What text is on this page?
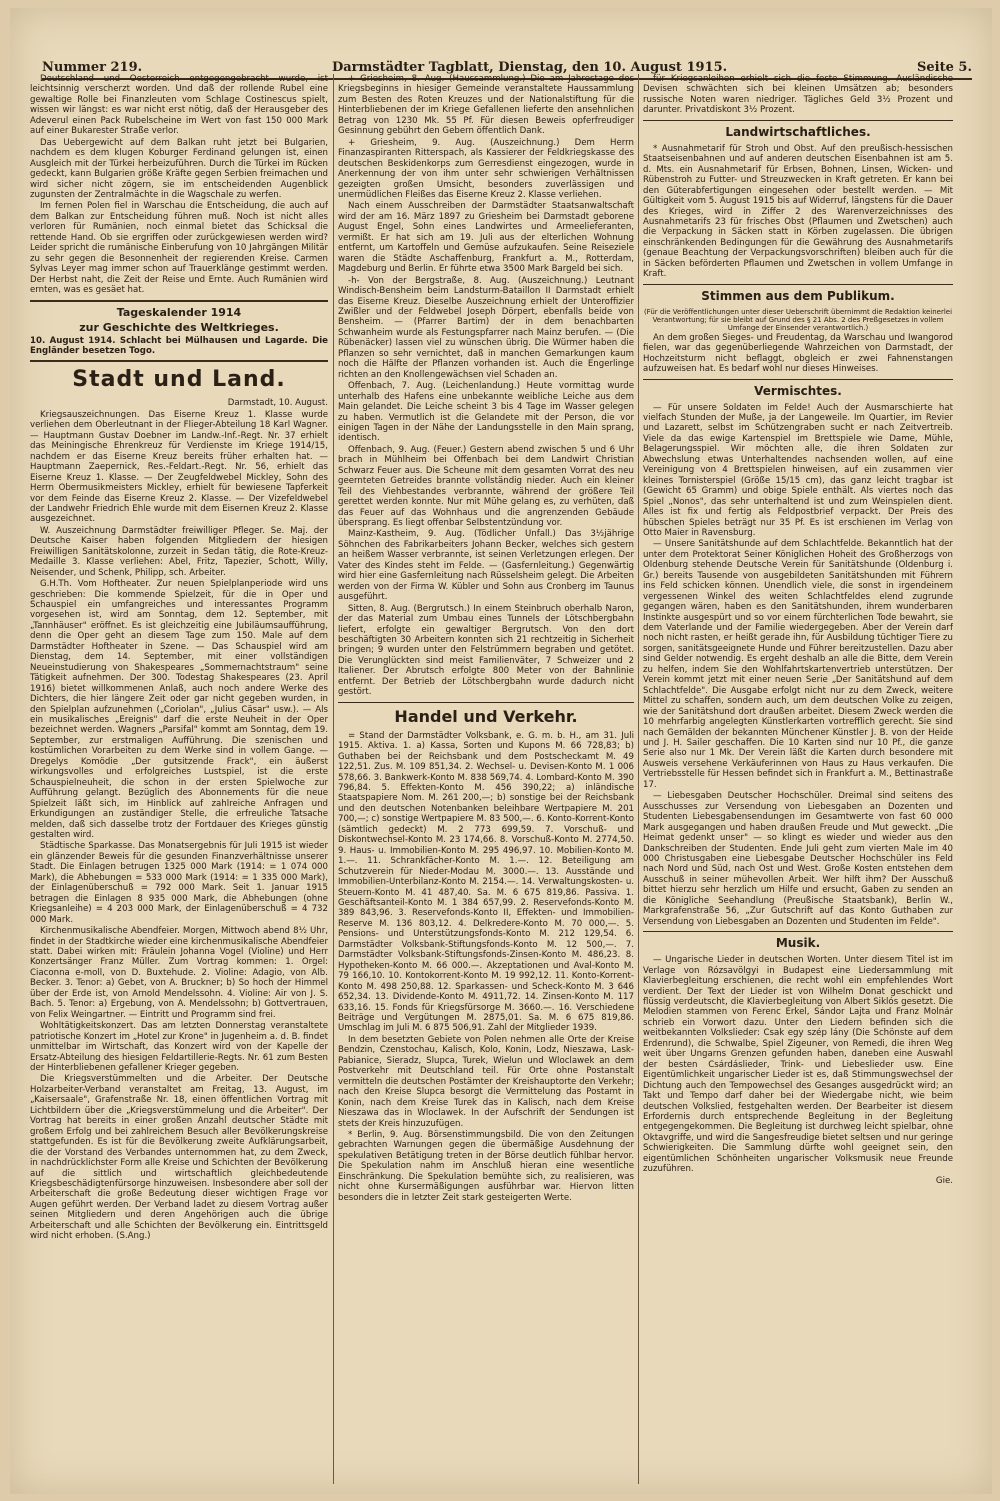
Nummer 219.	Darmstädter Tagblatt, Dienstag, den 10. August 1915.	Seite 5.

Deutschland und Oesterreich entgegengebracht wurde, ist leichtsinnig verscherzt worden. Und daß der rollende Rubel eine gewaltige Rolle bei Finanzleuten vom Schlage Costinescus spielt, wissen wir längst: es war nicht erst nötig, daß der Herausgeber des Adeverul einen Pack Rubelscheine im Wert von fast 150 000 Mark auf einer Bukarester Straße verlor.

Das Uebergewicht auf dem Balkan ruht jetzt bei Bulgarien, nachdem es dem klugen Koburger Ferdinand gelungen ist, einen Ausgleich mit der Türkei herbeizuführen. Durch die Türkei im Rücken gedeckt, kann Bulgarien größe Kräfte gegen Serbien freimachen und wird sicher nicht zögern, sie im entscheidenden Augenblick zugunsten der Zentralmächte in die Wagschale zu werfen.

Im fernen Polen fiel in Warschau die Entscheidung, die auch auf dem Balkan zur Entscheidung führen muß. Noch ist nicht alles verloren für Rumänien, noch einmal bietet das Schicksal die rettende Hand. Ob sie ergriffen oder zurückgewiesen werden wird? Leider spricht die rumänische Einberufung von 10 Jahrgängen Militär zu sehr gegen die Besonnenheit der regierenden Kreise. Carmen Sylvas Leyer mag immer schon auf Trauerklänge gestimmt werden. Der Herbst naht, die Zeit der Reise und Ernte. Auch Rumänien wird ernten, was es gesäet hat.

Tageskalender 1914
zur Geschichte des Weltkrieges.

10. August 1914. Schlacht bei Mülhausen und Lagarde. Die Engländer besetzen Togo.

Stadt und Land.

Darmstadt, 10. August.

Kriegsauszeichnungen. Das Eiserne Kreuz 1. Klasse wurde verliehen dem Oberleutnant in der Flieger-Abteilung 18 Karl Wagner. — Hauptmann Gustav Doebner im Landw.-Inf.-Regt. Nr. 37 erhielt das Meiningische Ehrenkreuz für Verdienste im Kriege 1914/15, nachdem er das Eiserne Kreuz bereits früher erhalten hat. — Hauptmann Zaepernick, Res.-Feldart.-Regt. Nr. 56, erhielt das Eiserne Kreuz 1. Klasse. — Der Zeugfeldwebel Mickley, Sohn des Herrn Obermusikmeisters Mickley, erhielt für bewiesene Tapferkeit vor dem Feinde das Eiserne Kreuz 2. Klasse. — Der Vizefeldwebel der Landwehr Friedrich Ehle wurde mit dem Eisernen Kreuz 2. Klasse ausgezeichnet.

W. Auszeichnung Darmstädter freiwilliger Pfleger. Se. Maj. der Deutsche Kaiser haben folgenden Mitgliedern der hiesigen Freiwilligen Sanitätskolonne, zurzeit in Sedan tätig, die Rote-Kreuz-Medaille 3. Klasse verliehen: Abel, Fritz, Tapezier, Schott, Willy, Neisender, und Schenk, Philipp, sch. Arbeiter.

G.H.Th. Vom Hoftheater. Zur neuen Spielplanperiode wird uns geschrieben: Die kommende Spielzeit, für die in Oper und Schauspiel ein umfangreiches und interessantes Programm vorgesehen ist, wird am Sonntag, dem 12. September, mit „Tannhäuser" eröffnet. Es ist gleichzeitig eine Jubiläumsaufführung, denn die Oper geht an diesem Tage zum 150. Male auf dem Darmstädter Hoftheater in Szene. — Das Schauspiel wird am Dienstag, dem 14. September, mit einer vollständigen Neueinstudierung von Shakespeares „Sommernachtstraum" seine Tätigkeit aufnehmen. Der 300. Todestag Shakespeares (23. April 1916) bietet willkommenen Anlaß, auch noch andere Werke des Dichters, die hier längere Zeit oder gar nicht gegeben wurden, in den Spielplan aufzunehmen („Coriolan", „Julius Cäsar" usw.). — Als ein musikalisches „Ereignis" darf die erste Neuheit in der Oper bezeichnet werden. Wagners „Parsifal" kommt am Sonntag, dem 19. September, zur erstmaligen Aufführung. Die szenischen und kostümlichen Vorarbeiten zu dem Werke sind in vollem Gange. — Dregelys Komödie „Der gutsitzende Frack", ein äußerst wirkungsvolles und erfolgreiches Lustspiel, ist die erste Schauspielneuheit, die schon in der ersten Spielwoche zur Aufführung gelangt. Bezüglich des Abonnements für die neue Spielzeit läßt sich, im Hinblick auf zahlreiche Anfragen und Erkundigungen an zuständiger Stelle, die erfreuliche Tatsache melden, daß sich dasselbe trotz der Fortdauer des Krieges günstig gestalten wird.

Städtische Sparkasse. Das Monatsergebnis für Juli 1915 ist wieder ein glänzender Beweis für die gesunden Finanzverhältnisse unserer Stadt. Die Einlagen betrugen 1325 000 Mark (1914: = 1 074 000 Mark), die Abhebungen = 533 000 Mark (1914: = 1 335 000 Mark), der Einlagenüberschuß = 792 000 Mark. Seit 1. Januar 1915 betragen die Einlagen 8 935 000 Mark, die Abhebungen (ohne Kriegsanleihe) = 4 203 000 Mark, der Einlagenüberschuß = 4 732 000 Mark.

Kirchenmusikalische Abendfeier. Morgen, Mittwoch abend 8½ Uhr, findet in der Stadtkirche wieder eine kirchenmusikalische Abendfeier statt. Dabei wirken mit: Fräulein Johanna Vogel (Violine) und Herr Konzertsänger Franz Müller. Zum Vortrag kommen: 1. Orgel: Ciaconna e-moll, von D. Buxtehude. 2. Violine: Adagio, von Alb. Becker. 3. Tenor: a) Gebet, von A. Bruckner; b) So hoch der Himmel über der Erde ist, von Arnold Mendelssohn. 4. Violine: Air von J. S. Bach. 5. Tenor: a) Ergebung, von A. Mendelssohn; b) Gottvertrauen, von Felix Weingartner. — Eintritt und Programm sind frei.

Wohltätigkeitskonzert. Das am letzten Donnerstag veranstaltete patriotische Konzert im „Hotel zur Krone" in Jugenheim a. d. B. findet unmittelbar im Wirtschaft, das Konzert wird von der Kapelle der Ersatz-Abteilung des hiesigen Feldartillerie-Regts. Nr. 61 zum Besten der Hinterbliebenen gefallener Krieger gegeben.

Die Kriegsverstümmelten und die Arbeiter. Der Deutsche Holzarbeiter-Verband veranstaltet am Freitag, 13. August, im „Kaisersaale", Grafenstraße Nr. 18, einen öffentlichen Vortrag mit Lichtbildern über die „Kriegsverstümmelung und die Arbeiter". Der Vortrag hat bereits in einer großen Anzahl deutscher Städte mit großem Erfolg und bei zahlreichem Besuch aller Bevölkerungskreise stattgefunden. Es ist für die Bevölkerung zweite Aufklärungsarbeit, die der Vorstand des Verbandes unternommen hat, zu dem Zweck, in nachdrücklichster Form alle Kreise und Schichten der Bevölkerung auf die sittlich und wirtschaftlich gleichbedeutende Kriegsbeschädigtenfürsorge hinzuweisen. Insbesondere aber soll der Arbeiterschaft die große Bedeutung dieser wichtigen Frage vor Augen geführt werden. Der Verband ladet zu diesem Vortrag außer seinen Mitgliedern und deren Angehörigen auch die übrige Arbeiterschaft und alle Schichten der Bevölkerung ein. Eintrittsgeld wird nicht erhoben. (S.Ang.)

+ Griesheim, 8. Aug. (Haussammlung.) Die am Jahrestage des Kriegsbeginns in hiesiger Gemeinde veranstaltete Haussammlung zum Besten des Roten Kreuzes und der Nationalstiftung für die Hinterbliebenen der im Kriege Gefallenen lieferte den ansehnlichen Betrag von 1230 Mk. 55 Pf. Für diesen Beweis opferfreudiger Gesinnung gebührt den Gebern öffentlich Dank.

+ Griesheim, 9. Aug. (Auszeichnung.) Dem Herrn Finanzaspiranten Ritterspach, als Kassierer der Feldkriegskasse des deutschen Beskidenkorps zum Gerresdienst eingezogen, wurde in Anerkennung der von ihm unter sehr schwierigen Verhältnissen gezeigten großen Umsicht, besonders zuverlässigen und unermüdlichen Fleißes das Eiserne Kreuz 2. Klasse verliehen.

Nach einem Ausschreiben der Darmstädter Staatsanwaltschaft wird der am 16. März 1897 zu Griesheim bei Darmstadt geborene August Engel, Sohn eines Landwirtes und Armeelieferanten, vermißt. Er hat sich am 19. Juli aus der elterlichen Wohnung entfernt, um Kartoffeln und Gemüse aufzukaufen. Seine Reiseziele waren die Städte Aschaffenburg, Frankfurt a. M., Rotterdam, Magdeburg und Berlin. Er führte etwa 3500 Mark Bargeld bei sich.

-h- Von der Bergstraße, 8. Aug. (Auszeichnung.) Leutnant Windisch-Bensheim beim Landsturm-Bataillon II Darmstadt erhielt das Eiserne Kreuz. Dieselbe Auszeichnung erhielt der Unteroffizier Zwißler und der Feldwebel Joseph Dörpert, ebenfalls beide von Bensheim. — (Pfarrer Bartim) der in dem benachbarten Schwanheim wurde als Festungspfarrer nach Mainz berufen. — (Die Rübenäcker) lassen viel zu wünschen übrig. Die Würmer haben die Pflanzen so sehr vernichtet, daß in manchen Gemarkungen kaum noch die Hälfte der Pflanzen vorhanden ist. Auch die Engerlinge richten an den Knollengewächsen viel Schaden an.

Offenbach, 7. Aug. (Leichenlandung.) Heute vormittag wurde unterhalb des Hafens eine unbekannte weibliche Leiche aus dem Main gelandet. Die Leiche scheint 3 bis 4 Tage im Wasser gelegen zu haben. Vermutlich ist die Gelandete mit der Person, die vor einigen Tagen in der Nähe der Landungsstelle in den Main sprang, identisch.

Offenbach, 9. Aug. (Feuer.) Gestern abend zwischen 5 und 6 Uhr brach in Mühlheim bei Offenbach bei dem Landwirt Christian Schwarz Feuer aus. Die Scheune mit dem gesamten Vorrat des neu geernteten Getreides brannte vollständig nieder. Auch ein kleiner Teil des Viehbestandes verbrannte, während der größere Teil gerettet werden konnte. Nur mit Mühe gelang es, zu verhüten, daß das Feuer auf das Wohnhaus und die angrenzenden Gebäude übersprang. Es liegt offenbar Selbstentzündung vor.

Mainz-Kastheim, 9. Aug. (Tödlicher Unfall.) Das 3½jährige Söhnchen des Fabrikarbeiters Johann Becker, welches sich gestern an heißem Wasser verbrannte, ist seinen Verletzungen erlegen. Der Vater des Kindes steht im Felde. — (Gasfernleitung.) Gegenwärtig wird hier eine Gasfernleitung nach Rüsselsheim gelegt. Die Arbeiten werden von der Firma W. Kübler und Sohn aus Cronberg im Taunus ausgeführt.

Sitten, 8. Aug. (Bergrutsch.) In einem Steinbruch oberhalb Naron, der das Material zum Umbau eines Tunnels der Lötschbergbahn liefert, erfolgte ein gewaltiger Bergrutsch. Von den dort beschäftigten 30 Arbeitern konnten sich 21 rechtzeitig in Sicherheit bringen; 9 wurden unter den Felstrümmern begraben und getötet. Die Verunglückten sind meist Familienväter, 7 Schweizer und 2 Italiener. Der Abrutsch erfolgte 800 Meter von der Bahnlinie entfernt. Der Betrieb der Lötschbergbahn wurde dadurch nicht gestört.

Handel und Verkehr.

= Stand der Darmstädter Volksbank, e. G. m. b. H., am 31. Juli 1915. Aktiva. 1. a) Kassa, Sorten und Kupons M. 66 728,83; b) Guthaben bei der Reichsbank und dem Postscheckamt M. 49 122,51. Zus. M. 109 851,34. 2. Wechsel- u. Devisen-Konto M. 1 006 578,66. 3. Bankwerk-Konto M. 838 569,74. 4. Lombard-Konto M. 390 796,84. 5. Effekten-Konto M. 456 390,22; a) inländische Staatspapiere Nom. M. 261 200,—; b) sonstige bei der Reichsbank und den deutschen Notenbanken beleihbare Wertpapiere M. 201 700,—; c) sonstige Wertpapiere M. 83 500,—. 6. Konto-Korrent-Konto (sämtlich gedeckt) M. 2 773 699,59. 7. Vorschuß- und Diskontwechsel-Konto M. 23 174,66. 8. Vorschuß-Konto M. 2774,50. 9. Haus- u. Immobilien-Konto M. 295 496,97. 10. Mobilien-Konto M. 1.—. 11. Schrankfächer-Konto M. 1.—. 12. Beteiligung am Schutzverein für Nieder-Modau M. 3000.—. 13. Ausstände und Immobilien-Unterbilanz-Konto M. 2154.—. 14. Verwaltungskosten- u. Steuern-Konto M. 41 487,40. Sa. M. 6 675 819,86. Passiva. 1. Geschäftsanteil-Konto M. 1 384 657,99. 2. Reservefonds-Konto M. 389 843,96. 3. Reservefonds-Konto II, Effekten- und Immobilien-Reserve M. 136 803,12. 4. Delkredere-Konto M. 70 000,—. 5. Pensions- und Unterstützungsfonds-Konto M. 212 129,54. 6. Darmstädter Volksbank-Stiftungsfonds-Konto M. 12 500,—. 7. Darmstädter Volksbank-Stiftungsfonds-Zinsen-Konto M. 486,23. 8. Hypotheken-Konto M. 66 000.—. Akzeptationen und Aval-Konto M. 79 166,10. 10. Kontokorrent-Konto M. 19 992,12. 11. Konto-Korrent-Konto M. 498 250,88. 12. Sparkassen- und Scheck-Konto M. 3 646 652,34. 13. Dividende-Konto M. 4911,72. 14. Zinsen-Konto M. 117 633,16. 15. Fonds für Kriegsfürsorge M. 3660.—. 16. Verschiedene Beiträge und Vergütungen M. 2875,01. Sa. M. 6 675 819,86. Umschlag im Juli M. 6 875 506,91. Zahl der Mitglieder 1939.

In dem besetzten Gebiete von Polen nehmen alle Orte der Kreise Bendzin, Czenstochau, Kalisch, Kolo, Konin, Lodz, Nieszawa, Lask-Pabianice, Sieradz, Slupca, Turek, Wielun und Wloclawek an dem Postverkehr mit Deutschland teil. Für Orte ohne Postanstalt vermitteln die deutschen Postämter der Kreishauptorte den Verkehr; nach den Kreise Slupca besorgt die Vermittelung das Postamt in Konin, nach dem Kreise Turek das in Kalisch, nach dem Kreise Nieszawa das in Wloclawek. In der Aufschrift der Sendungen ist stets der Kreis hinzuzufügen.

* Berlin, 9. Aug. Börsenstimmungsbild. Die von den Zeitungen gebrachten Warnungen gegen die übermäßige Ausdehnung der spekulativen Betätigung treten in der Börse deutlich fühlbar hervor. Die Spekulation nahm im Anschluß hieran eine wesentliche Einschränkung. Die Spekulation bemühte sich, zu realisieren, was nicht ohne Kursermäßigungen ausführbar war. Hiervon litten besonders die in letzter Zeit stark gesteigerten Werte.

für Kriegsanleihen erhielt sich die feste Stimmung. Ausländische Devisen schwächten sich bei kleinen Umsätzen ab; besonders russische Noten waren niedriger. Tägliches Geld 3½ Prozent und darunter. Privatdiskont 3½ Prozent.

Landwirtschaftliches.

* Ausnahmetarif für Stroh und Obst. Auf den preußisch-hessischen Staatseisenbahnen und auf anderen deutschen Eisenbahnen ist am 5. d. Mts. ein Ausnahmetarif für Erbsen, Bohnen, Linsen, Wicken- und Rübenstroh zu Futter- und Streuzwecken in Kraft getreten. Er kann bei den Güterabfertigungen eingesehen oder bestellt werden. — Mit Gültigkeit vom 5. August 1915 bis auf Widerruf, längstens für die Dauer des Krieges, wird in Ziffer 2 des Warenverzeichnisses des Ausnahmetarifs 23 für frisches Obst (Pflaumen und Zwetschen) auch die Verpackung in Säcken statt in Körben zugelassen. Die übrigen einschränkenden Bedingungen für die Gewährung des Ausnahmetarifs (genaue Beachtung der Verpackungsvorschriften) bleiben auch für die in Säcken beförderten Pflaumen und Zwetschen in vollem Umfange in Kraft.

Stimmen aus dem Publikum.

(Für die Veröffentlichungen unter dieser Ueberschrift übernimmt die Redaktion keinerlei Verantwortung; für sie bleibt auf Grund des § 21 Abs. 2 des Preßgesetzes in vollem Umfange der Einsender verantwortlich.)

An dem großen Sieges- und Freudentag, da Warschau und Iwangorod fielen, war das gegenüberliegende Wahrzeichen von Darmstadt, der Hochzeitsturm nicht beflaggt, obgleich er zwei Fahnenstangen aufzuweisen hat. Es bedarf wohl nur dieses Hinweises.

Vermischtes.

— Für unsere Soldaten im Felde! Auch der Ausmarschierte hat vielfach Stunden der Muße, ja der Langeweile. Im Quartier, im Revier und Lazarett, selbst im Schützengraben sucht er nach Zeitvertreib. Viele da das ewige Kartenspiel im Brettspiele wie Dame, Mühle, Belagerungsspiel. Wir möchten alle, die ihren Soldaten zur Abwechslung etwas Unterhaltendes nachsenden wollen, auf eine Vereinigung von 4 Brettspielen hinweisen, auf ein zusammen vier kleines Tornisterspiel (Größe 15/15 cm), das ganz leicht tragbar ist (Gewicht 65 Gramm) und obige Spiele enthält. Als viertes noch das Spiel „Nonos", das sehr unterhaltend ist und zum Weinspielen dient. Alles ist fix und fertig als Feldpostbrief verpackt. Der Preis des hübschen Spieles beträgt nur 35 Pf. Es ist erschienen im Verlag von Otto Maier in Ravensburg.

— Unsere Sanitätshunde auf dem Schlachtfelde. Bekanntlich hat der unter dem Protektorat Seiner Königlichen Hoheit des Großherzogs von Oldenburg stehende Deutsche Verein für Sanitätshunde (Oldenburg i. Gr.) bereits Tausende von ausgebildeten Sanitätshunden mit Führern ins Feld schicken können. Unendlich viele, die sonst in irgendeinem vergessenen Winkel des weiten Schlachtfeldes elend zugrunde gegangen wären, haben es den Sanitätshunden, ihrem wunderbaren Instinkte ausgespürt und so vor einem fürchterlichen Tode bewahrt, sie dem Vaterlande und der Familie wiedergegeben. Aber der Verein darf noch nicht rasten, er heißt gerade ihn, für Ausbildung tüchtiger Tiere zu sorgen, sanitätsgeeignete Hunde und Führer bereitzustellen. Dazu aber sind Gelder notwendig. Es ergeht deshalb an alle die Bitte, dem Verein zu helfen, indem Sie den Wohlfahrtskartenvertrieb unterstützen. Der Verein kommt jetzt mit einer neuen Serie „Der Sanitätshund auf dem Schlachtfelde". Die Ausgabe erfolgt nicht nur zu dem Zweck, weitere Mittel zu schaffen, sondern auch, um dem deutschen Volke zu zeigen, wie der Sanitätshund dort draußen arbeitet. Diesem Zweck werden die 10 mehrfarbig angelegten Künstlerkarten vortrefflich gerecht. Sie sind nach Gemälden der bekannten Münchener Künstler J. B. von der Heide und J. H. Sailer geschaffen. Die 10 Karten sind nur 10 Pf., die ganze Serie also nur 1 Mk. Der Verein läßt die Karten durch besondere mit Ausweis versehene Verkäuferinnen von Haus zu Haus verkaufen. Die Vertriebsstelle für Hessen befindet sich in Frankfurt a. M., Bettinastraße 17.

— Liebesgaben Deutscher Hochschüler. Dreimal sind seitens des Ausschusses zur Versendung von Liebesgaben an Dozenten und Studenten Liebesgabensendungen im Gesamtwerte von fast 60 000 Mark ausgegangen und haben draußen Freude und Mut geweckt. „Die Heimat gedenkt unser" — so klingt es wieder und wieder aus den Dankschreiben der Studenten. Ende Juli geht zum vierten Male im 40 000 Christusgaben eine Liebesgabe Deutscher Hochschüler ins Feld nach Nord und Süd, nach Ost und West. Große Kosten entstehen dem Ausschuß in seiner mühevollen Arbeit. Wer hilft ihm? Der Ausschuß bittet hierzu sehr herzlich um Hilfe und ersucht, Gaben zu senden an die Königliche Seehandlung (Preußische Staatsbank), Berlin W., Markgrafenstraße 56, „Zur Gutschrift auf das Konto Guthaben zur Versendung von Liebesgaben an Dozenten und Studenten im Felde".

Musik.

— Ungarische Lieder in deutschen Worten. Unter diesem Titel ist im Verlage von Rózsavölgyi in Budapest eine Liedersammlung mit Klavierbegleitung erschienen, die recht wohl ein empfehlendes Wort verdient. Der Text der Lieder ist von Wilhelm Donat geschickt und flüssig verdeutscht, die Klavierbegleitung von Albert Siklós gesetzt. Die Melodien stammen von Ferenc Erkel, Sándor Lajta und Franz Molnár schrieb ein Vorwort dazu. Unter den Liedern befinden sich die weitbekannten Volkslieder: Csak egy szép lány (Die Schönste auf dem Erdenrund), die Schwalbe, Spiel Zigeuner, von Remedi, die ihren Weg weit über Ungarns Grenzen gefunden haben, daneben eine Auswahl der besten Csárdáslieder, Trink- und Liebeslieder usw. Eine Eigentümlichkeit ungarischer Lieder ist es, daß Stimmungswechsel der Dichtung auch den Tempowechsel des Gesanges ausgedrückt wird; an Takt und Tempo darf daher bei der Wiedergabe nicht, wie beim deutschen Volkslied, festgehalten werden. Der Bearbeiter ist diesem Erfordernis durch entsprechende Begleitung in der Begleitung entgegengekommen. Die Begleitung ist durchweg leicht spielbar, ohne Oktavgriffe, und wird die Sangesfreudige bietet seltsen und nur geringe Schwierigkeiten. Die Sammlung dürfte wohl geeignet sein, den eigentümlichen Schönheiten ungarischer Volksmusik neue Freunde zuzuführen.

Gie.
